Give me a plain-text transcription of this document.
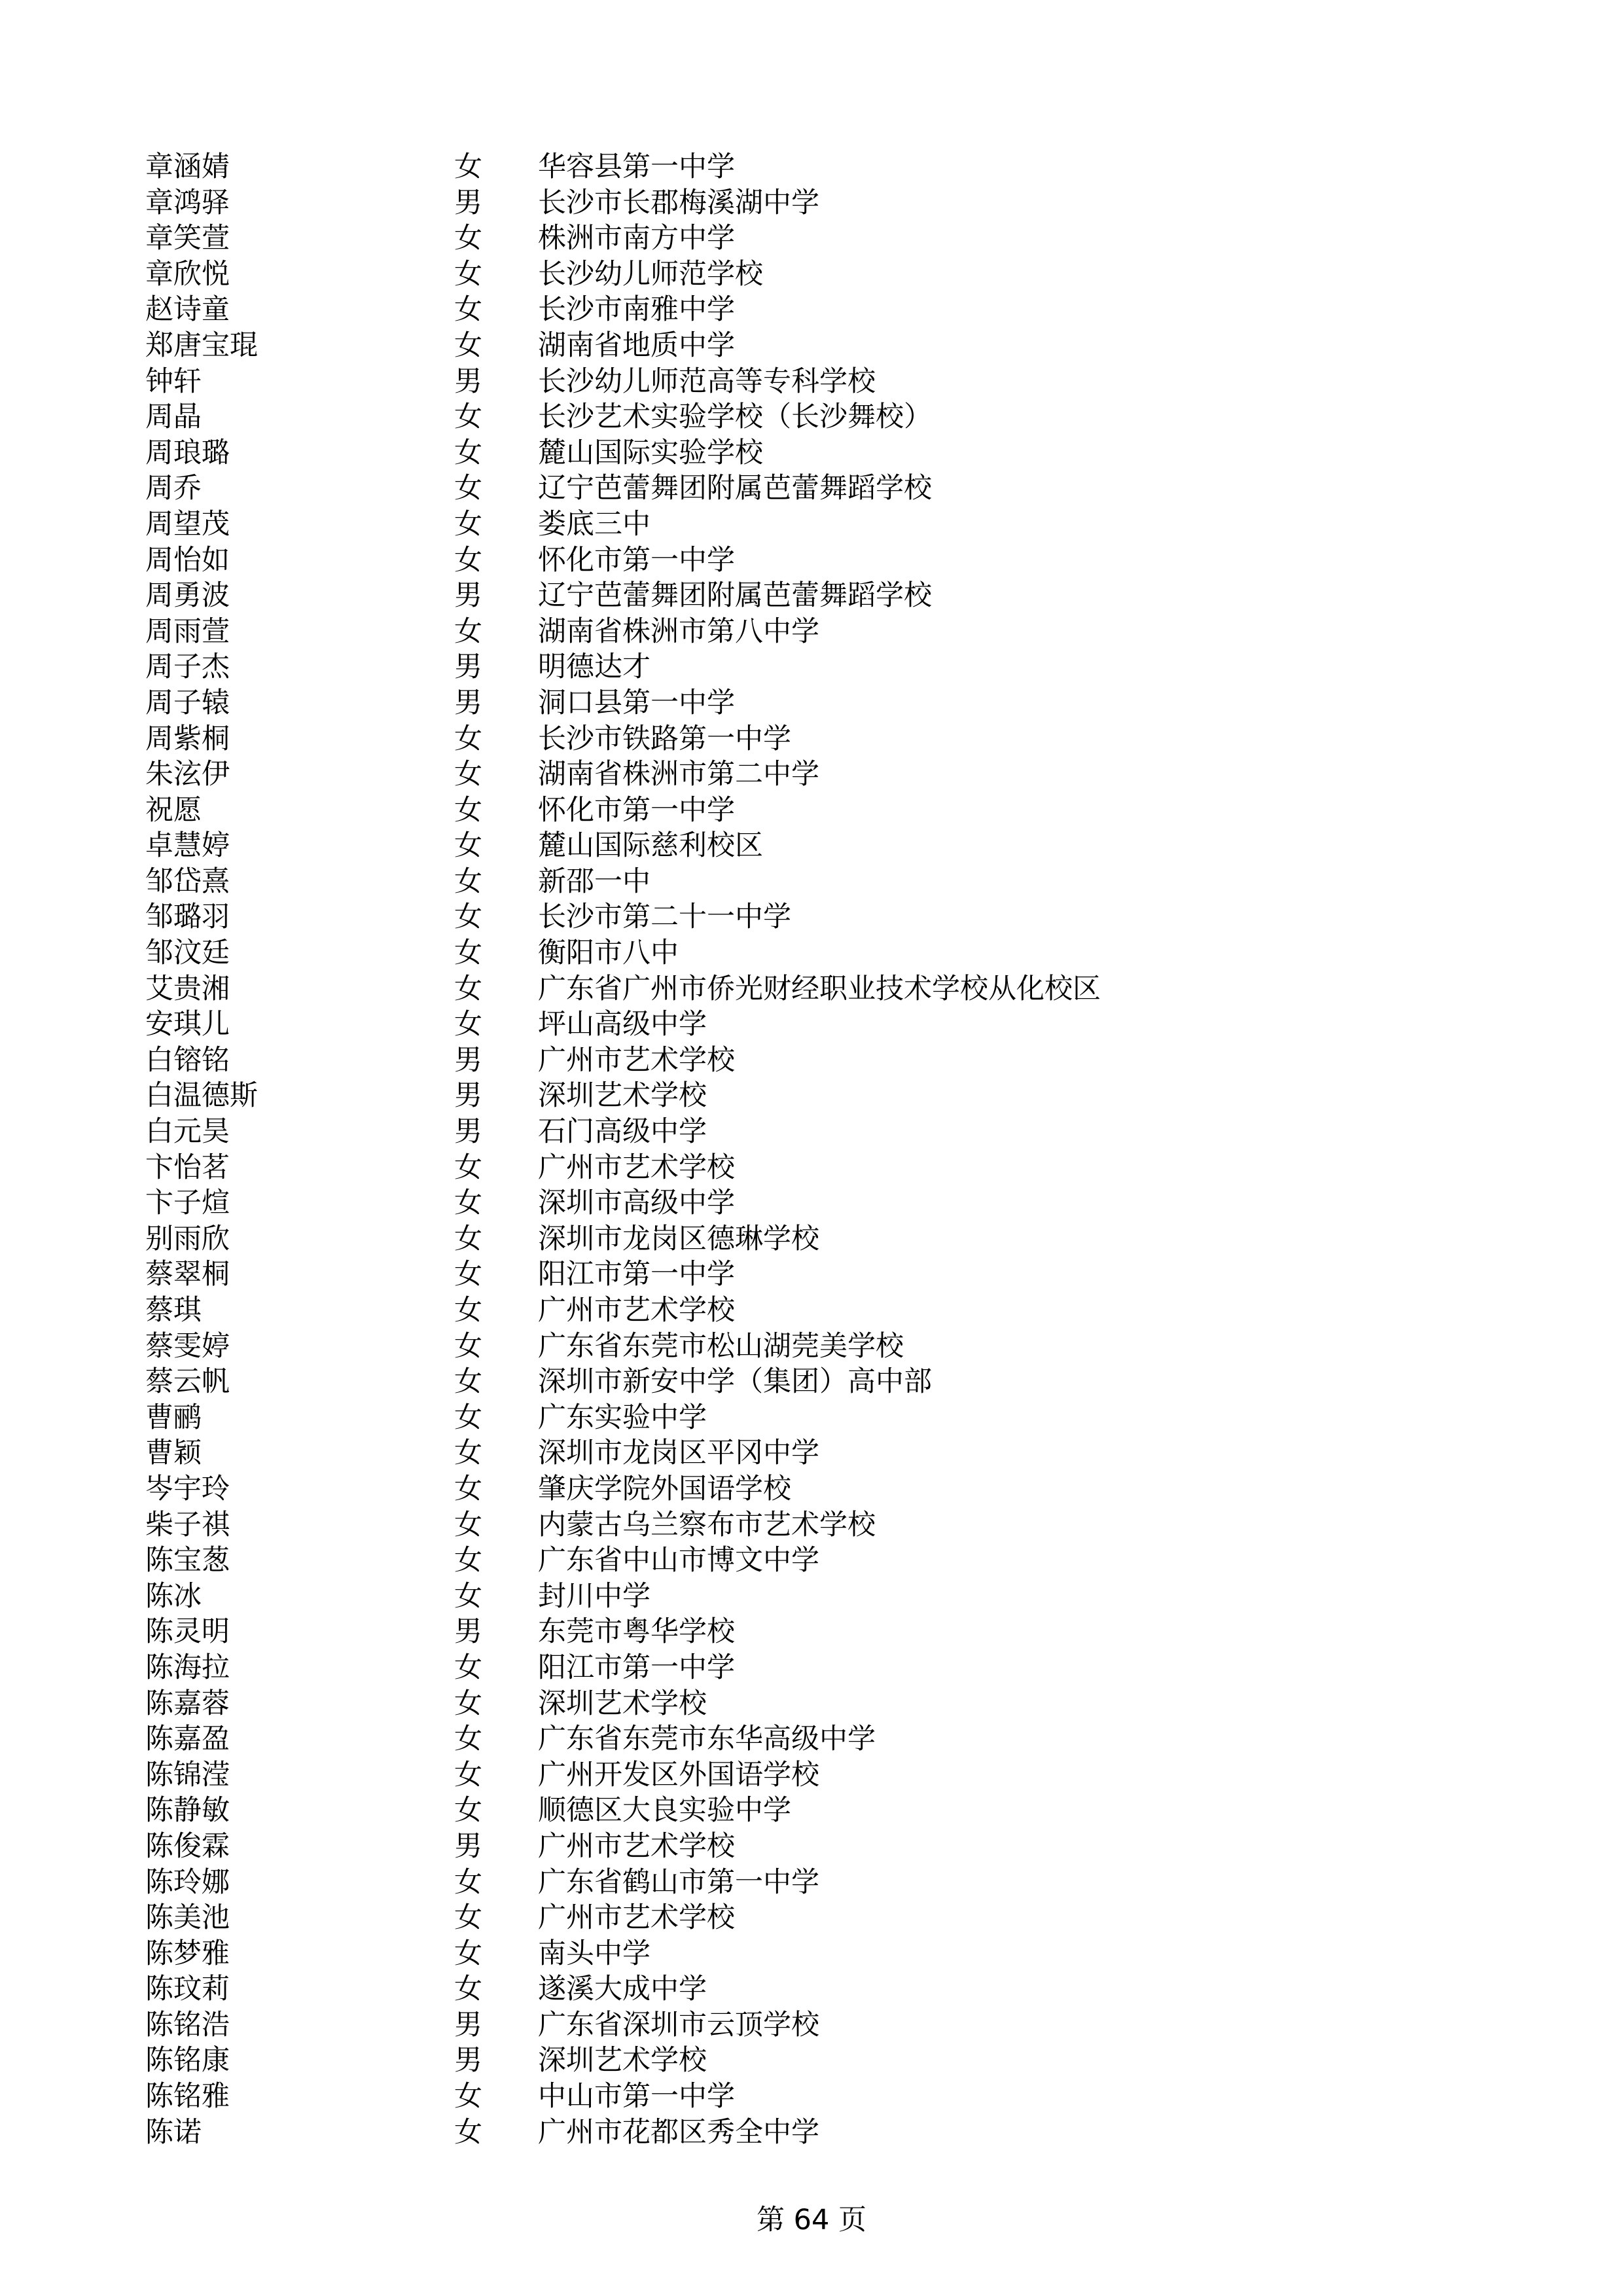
章涵婧	女 华容县第一中学
章鸿驿	男 长沙市长郡梅溪湖中学
章笑萱	女 株洲市南方中学
章欣悦	女 长沙幼儿师范学校
赵诗童	女 长沙市南雅中学
郑唐宝琨	女 湖南省地质中学
钟轩	男 长沙幼儿师范高等专科学校
周晶	女 长沙艺术实验学校（长沙舞校）
周琅璐	女 麓山国际实验学校
周乔	女 辽宁芭蕾舞团附属芭蕾舞蹈学校
周望茂	女 娄底三中
周怡如	女 怀化市第一中学
周勇波	男 辽宁芭蕾舞团附属芭蕾舞蹈学校
周雨萱	女 湖南省株洲市第八中学
周子杰	男 明德达才
周子辕	男 洞口县第一中学
周紫桐	女 长沙市铁路第一中学
朱泫伊	女 湖南省株洲市第二中学
祝愿	女 怀化市第一中学
卓慧婷	女 麓山国际慈利校区
邹岱熹	女 新邵一中
邹璐羽	女 长沙市第二十一中学
邹汶廷	女 衡阳市八中
艾贵湘	女 广东省广州市侨光财经职业技术学校从化校区
安琪儿	女 坪山高级中学
白镕铭	男 广州市艺术学校
白温德斯	男 深圳艺术学校
白元昊	男 石门高级中学
卞怡茗	女 广州市艺术学校
卞子煊	女 深圳市高级中学
别雨欣	女 深圳市龙岗区德琳学校
蔡翠桐	女 阳江市第一中学
蔡琪	女 广州市艺术学校
蔡雯婷	女 广东省东莞市松山湖莞美学校
蔡云帆	女 深圳市新安中学（集团）高中部
曹鹂	女 广东实验中学
曹颖	女 深圳市龙岗区平冈中学
岑宇玲	女 肇庆学院外国语学校
柴子祺	女 内蒙古乌兰察布市艺术学校
陈宝葱	女 广东省中山市博文中学
陈冰	女 封川中学
陈灵明	男 东莞市粤华学校
陈海拉	女 阳江市第一中学
陈嘉蓉	女 深圳艺术学校
陈嘉盈	女 广东省东莞市东华高级中学
陈锦滢	女 广州开发区外国语学校
陈静敏	女 顺德区大良实验中学
陈俊霖	男 广州市艺术学校
陈玲娜	女 广东省鹤山市第一中学
陈美池	女 广州市艺术学校
陈梦雅	女 南头中学
陈玟莉	女 遂溪大成中学
陈铭浩	男 广东省深圳市云顶学校
陈铭康	男 深圳艺术学校
陈铭雅	女 中山市第一中学
陈诺	女 广州市花都区秀全中学
第 64 页
